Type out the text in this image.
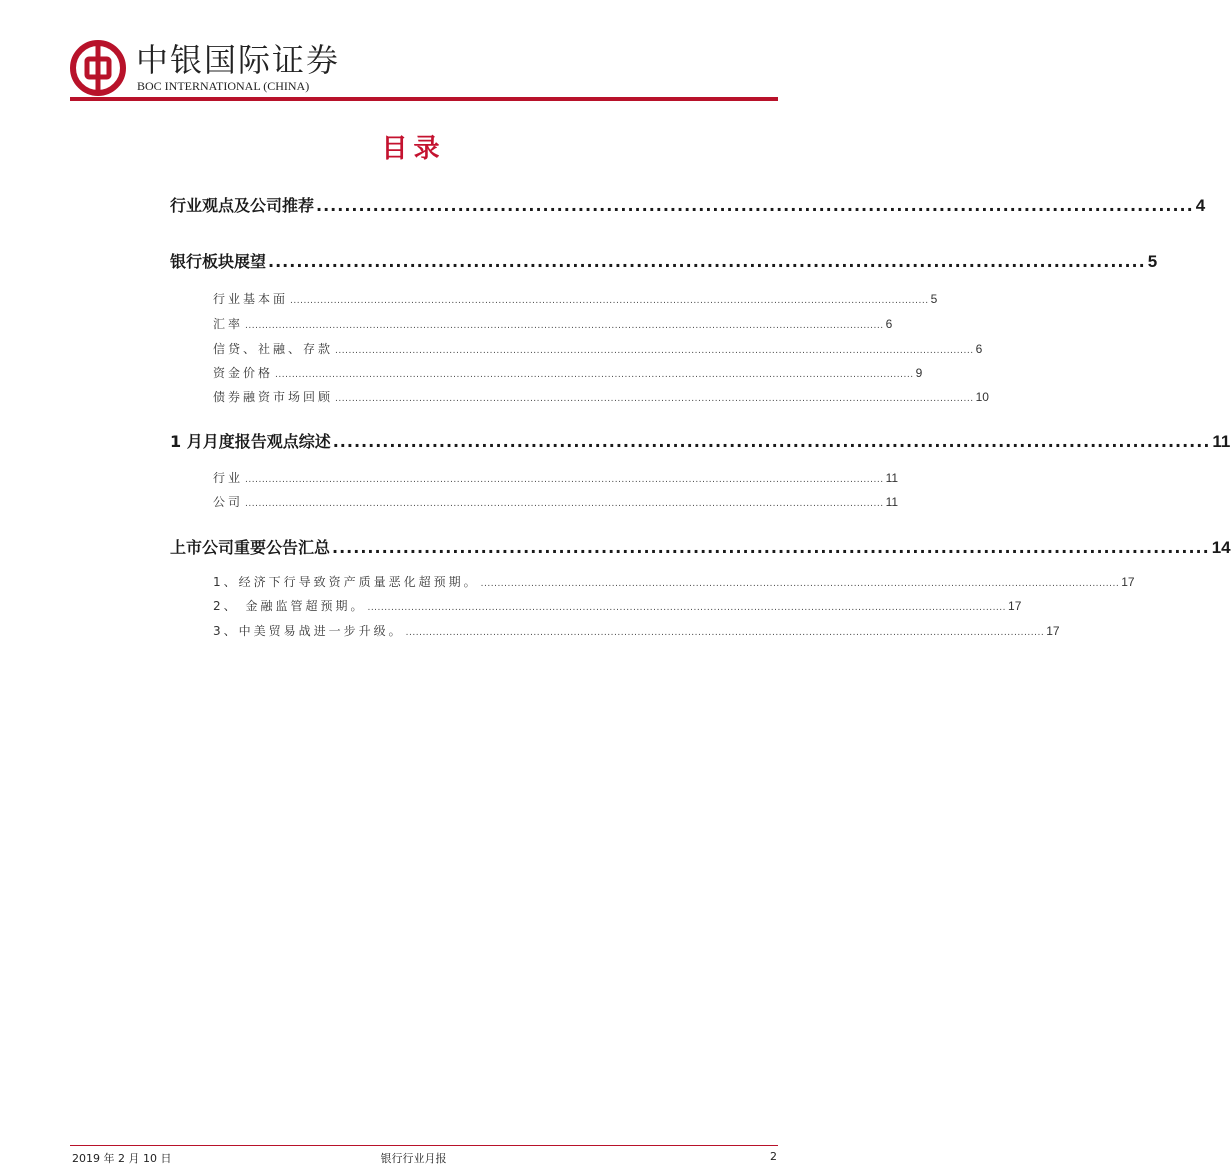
中银国际证券
BOC INTERNATIONAL (CHINA)
目录
行业观点及公司推荐 ............................................................................................................................ 4
银行板块展望 ............................................................................................................................ 5
行业基本面 .............................................................................................................................................................................................. 5
汇率 .............................................................................................................................................................................................. 6
信贷、社融、存款 .............................................................................................................................................................................................. 6
资金价格 .............................................................................................................................................................................................. 9
债券融资市场回顾 .............................................................................................................................................................................................. 10
1 月月度报告观点综述 ............................................................................................................................ 11
行业 .............................................................................................................................................................................................. 11
公司 .............................................................................................................................................................................................. 11
上市公司重要公告汇总 ............................................................................................................................ 14
1、经济下行导致资产质量恶化超预期。 .............................................................................................................................................................................................. 17
2、 金融监管超预期。 .............................................................................................................................................................................................. 17
3、中美贸易战进一步升级。 .............................................................................................................................................................................................. 17
2019 年 2 月 10 日	银行行业月报	2
